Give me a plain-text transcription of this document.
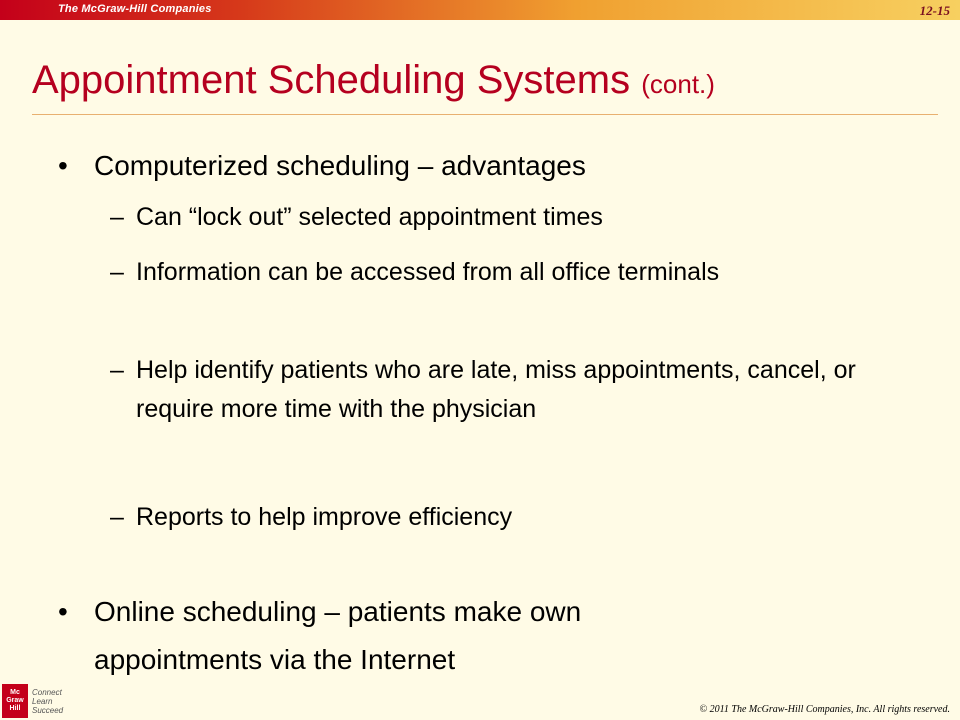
The McGraw-Hill Companies	12-15
Appointment Scheduling Systems (cont.)
• Computerized scheduling – advantages
– Can “lock out” selected appointment times
– Information can be accessed from all office terminals
– Help identify patients who are late, miss appointments, cancel, or require more time with the physician
– Reports to help improve efficiency
• Online scheduling – patients make own
appointments via the Internet
Mc
Graw
Hill
Connect
Learn
Succeed	© 2011 The McGraw-Hill Companies, Inc. All rights reserved.
